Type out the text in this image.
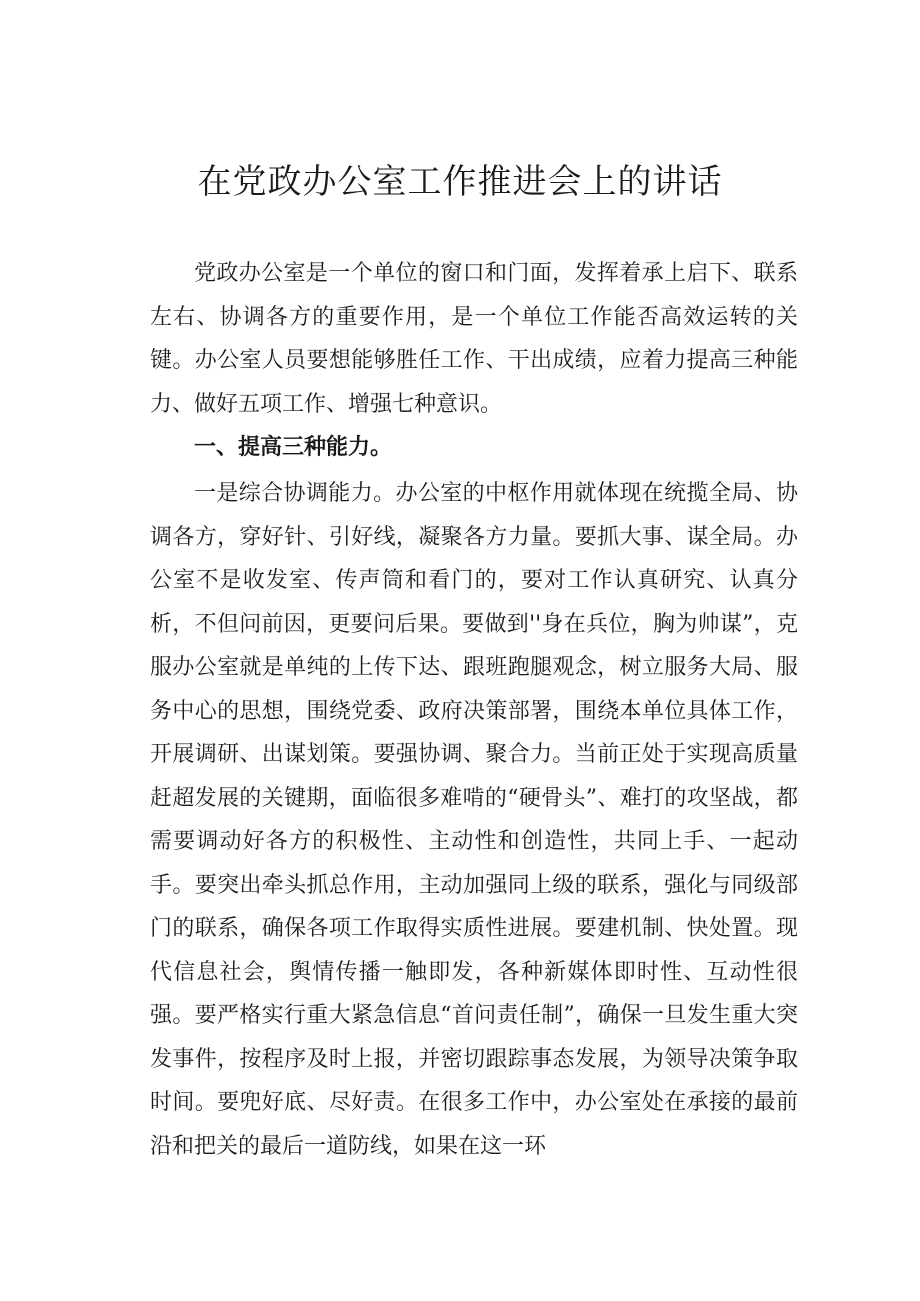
在党政办公室工作推进会上的讲话

党政办公室是一个单位的窗口和门面，发挥着承上启下、联系左右、协调各方的重要作用，是一个单位工作能否高效运转的关键。办公室人员要想能够胜任工作、干出成绩，应着力提高三种能力、做好五项工作、增强七种意识。

一、提高三种能力。

一是综合协调能力。办公室的中枢作用就体现在统揽全局、协调各方，穿好针、引好线，凝聚各方力量。要抓大事、谋全局。办公室不是收发室、传声筒和看门的，要对工作认真研究、认真分析，不但问前因，更要问后果。要做到''身在兵位，胸为帅谋”，克服办公室就是单纯的上传下达、跟班跑腿观念，树立服务大局、服务中心的思想，围绕党委、政府决策部署，围绕本单位具体工作，开展调研、出谋划策。要强协调、聚合力。当前正处于实现高质量赶超发展的关键期，面临很多难啃的“硬骨头”、难打的攻坚战，都需要调动好各方的积极性、主动性和创造性，共同上手、一起动手。要突出牵头抓总作用，主动加强同上级的联系，强化与同级部门的联系，确保各项工作取得实质性进展。要建机制、快处置。现代信息社会，舆情传播一触即发，各种新媒体即时性、互动性很强。要严格实行重大紧急信息“首问责任制”，确保一旦发生重大突发事件，按程序及时上报，并密切跟踪事态发展，为领导决策争取时间。要兜好底、尽好责。在很多工作中，办公室处在承接的最前沿和把关的最后一道防线，如果在这一环
